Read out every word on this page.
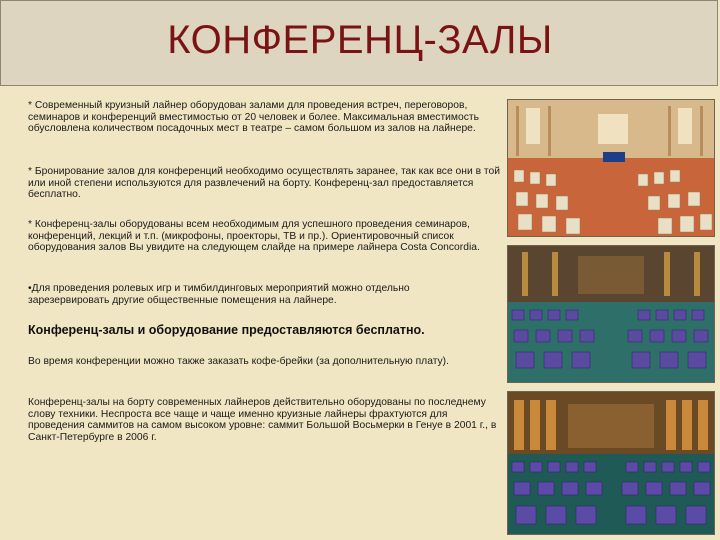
КОНФЕРЕНЦ-ЗАЛЫ

* Современный круизный лайнер оборудован залами для проведения встреч, переговоров, семинаров и конференций вместимостью от 20 человек и более. Максимальная вместимость обусловлена количеством посадочных мест в театре – самом большом из залов на лайнере.

* Бронирование залов для конференций необходимо осуществлять заранее, так как все они в той или иной степени используются для развлечений на борту. Конференц-зал предоставляется бесплатно.

* Конференц-залы оборудованы всем необходимым для успешного проведения семинаров, конференций, лекций и т.п. (микрофоны, проекторы, ТВ и пр.). Ориентировочный список оборудования залов Вы увидите на следующем слайде на примере лайнера Costa Concordia.

•Для проведения ролевых игр и тимбилдинговых мероприятий можно отдельно зарезервировать другие общественные помещения на лайнере.

Конференц-залы и оборудование предоставляются бесплатно.

Во время конференции можно также заказать кофе-брейки (за дополнительную плату).

Конференц-залы на борту современных лайнеров действительно оборудованы по последнему слову техники. Неспроста все чаще и чаще именно круизные лайнеры фрахтуются для проведения саммитов на самом высоком уровне: саммит Большой Восьмерки в Генуе в 2001 г., в Санкт-Петербурге в 2006 г.
